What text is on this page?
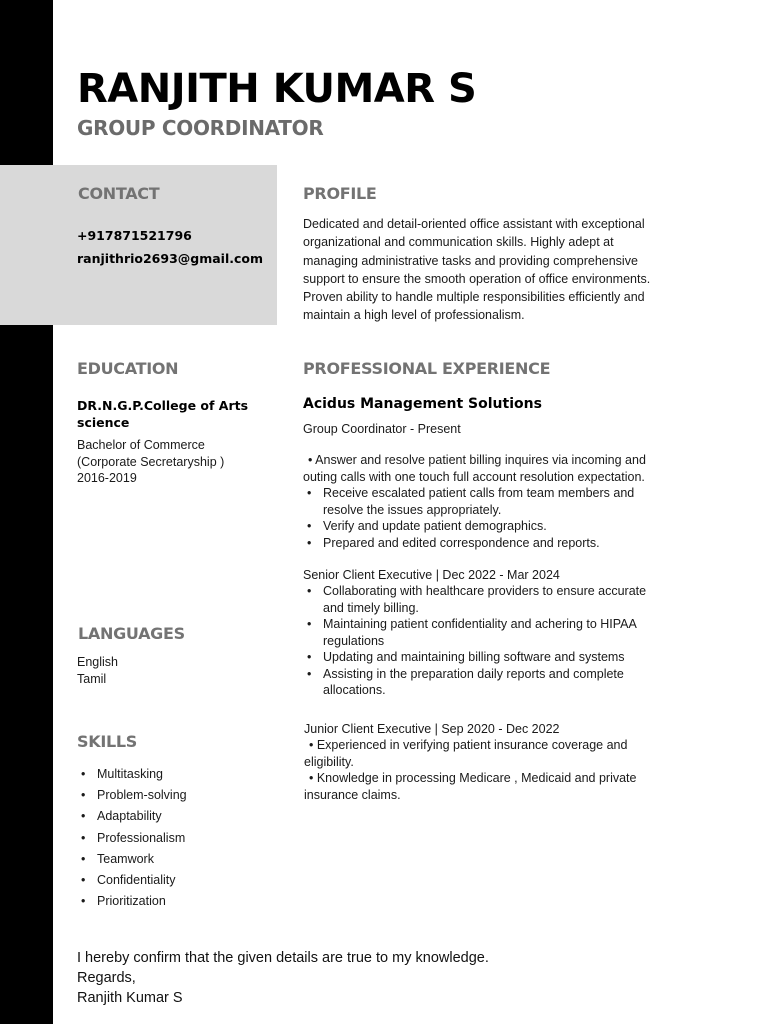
RANJITH KUMAR S
GROUP COORDINATOR
CONTACT
+917871521796
ranjithrio2693@gmail.com
PROFILE
Dedicated and detail-oriented office assistant with exceptional
organizational and communication skills. Highly adept at
managing administrative tasks and providing comprehensive
support to ensure the smooth operation of office environments.
Proven ability to handle multiple responsibilities efficiently and
maintain a high level of professionalism.
EDUCATION
DR.N.G.P.College of Arts
science
Bachelor of Commerce
(Corporate Secretaryship )
2016-2019
LANGUAGES
English
Tamil
SKILLS
• Multitasking
• Problem-solving
• Adaptability
• Professionalism
• Teamwork
• Confidentiality
• Prioritization
PROFESSIONAL EXPERIENCE
Acidus Management Solutions
Group Coordinator - Present
• Answer and resolve patient billing inquires via incoming and
outing calls with one touch full account resolution expectation.
• Receive escalated patient calls from team members and
resolve the issues appropriately.
• Verify and update patient demographics.
• Prepared and edited correspondence and reports.
Senior Client Executive | Dec 2022 - Mar 2024
• Collaborating with healthcare providers to ensure accurate
and timely billing.
• Maintaining patient confidentiality and achering to HIPAA
regulations
• Updating and maintaining billing software and systems
• Assisting in the preparation daily reports and complete
allocations.
Junior Client Executive | Sep 2020 - Dec 2022
• Experienced in verifying patient insurance coverage and
eligibility.
• Knowledge in processing Medicare , Medicaid and private
insurance claims.
I hereby confirm that the given details are true to my knowledge.
Regards,
Ranjith Kumar S
